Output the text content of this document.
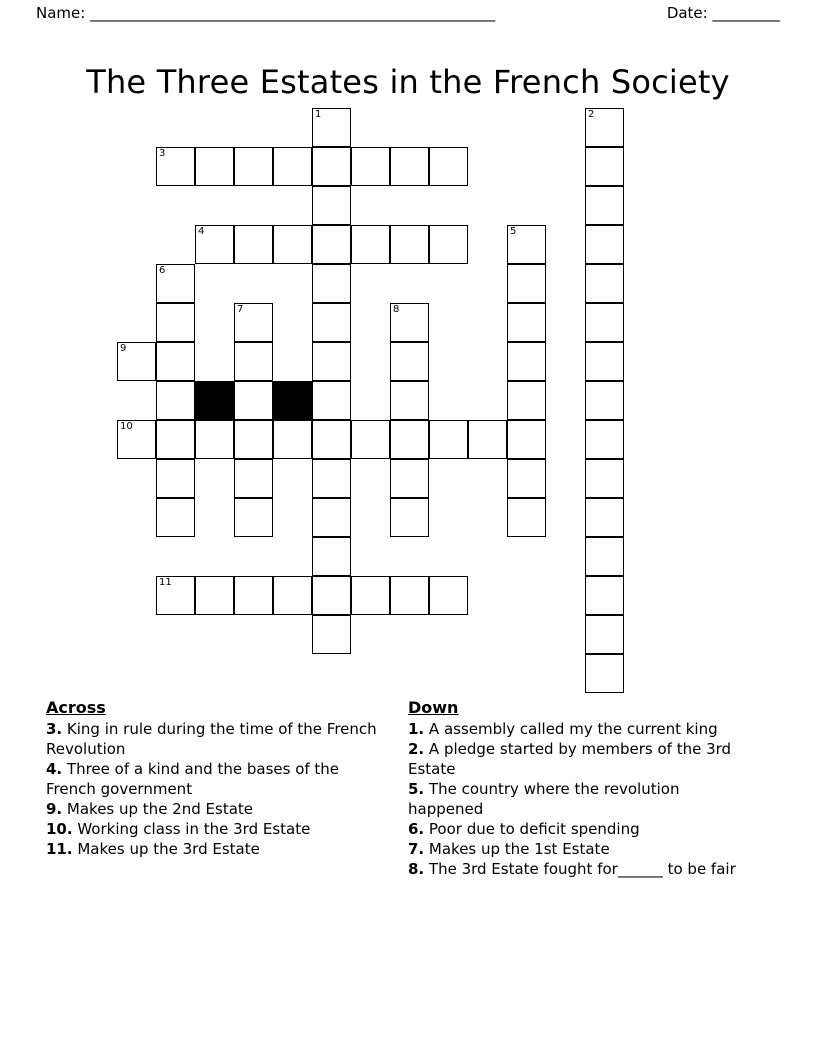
Name: ______________________________________________________	Date: _________
The Three Estates in the French Society
1	2
3
4	5
6
7	8
9
10
11
Across

3. King in rule during the time of the French Revolution

4. Three of a kind and the bases of the French government

9. Makes up the 2nd Estate

10. Working class in the 3rd Estate

11. Makes up the 3rd Estate

Down

1. A assembly called my the current king

2. A pledge started by members of the 3rd Estate

5. The country where the revolution happened

6. Poor due to deficit spending

7. Makes up the 1st Estate

8. The 3rd Estate fought for______ to be fair
